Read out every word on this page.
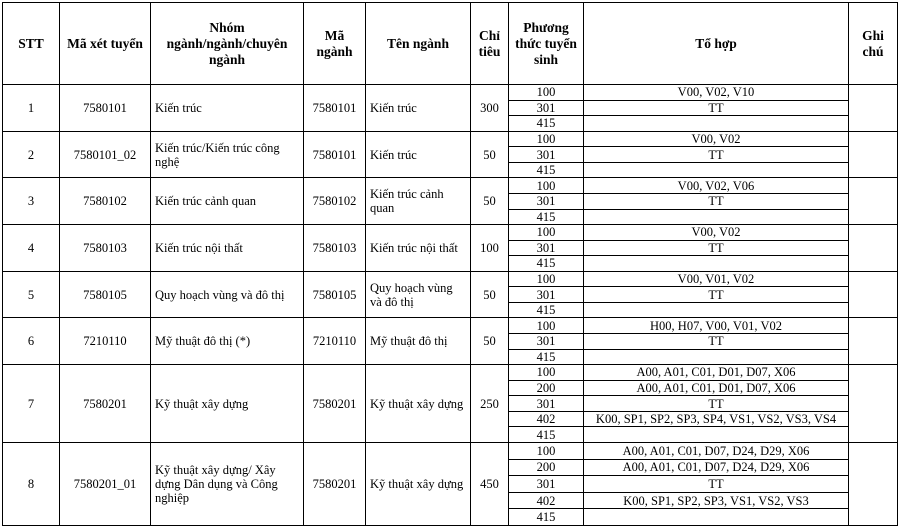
STT	Mã xét tuyển	Nhóm ngành/ngành/chuyên ngành	Mã ngành	Tên ngành	Chỉ tiêu	Phương thức tuyển sinh	Tổ hợp	Ghi chú
1	7580101	Kiến trúc	7580101	Kiến trúc	300	100	V00, V02, V10	
						301	TT	
						415		
2	7580101_02	Kiến trúc/Kiến trúc công nghệ	7580101	Kiến trúc	50	100	V00, V02	
						301	TT	
						415		
3	7580102	Kiến trúc cảnh quan	7580102	Kiến trúc cảnh quan	50	100	V00, V02, V06	
						301	TT	
						415		
4	7580103	Kiến trúc nội thất	7580103	Kiến trúc nội thất	100	100	V00, V02	
						301	TT	
						415		
5	7580105	Quy hoạch vùng và đô thị	7580105	Quy hoạch vùng và đô thị	50	100	V00, V01, V02	
						301	TT	
						415		
6	7210110	Mỹ thuật đô thị (*)	7210110	Mỹ thuật đô thị	50	100	H00, H07, V00, V01, V02	
						301	TT	
						415		
7	7580201	Kỹ thuật xây dựng	7580201	Kỹ thuật xây dựng	250	100	A00, A01, C01, D01, D07, X06	
						200	A00, A01, C01, D01, D07, X06	
						301	TT	
						402	K00, SP1, SP2, SP3, SP4, VS1, VS2, VS3, VS4	
						415		
8	7580201_01	Kỹ thuật xây dựng/ Xây dựng Dân dụng và Công nghiệp	7580201	Kỹ thuật xây dựng	450	100	A00, A01, C01, D07, D24, D29, X06	
						200	A00, A01, C01, D07, D24, D29, X06	
						301	TT	
						402	K00, SP1, SP2, SP3, VS1, VS2, VS3	
						415		
